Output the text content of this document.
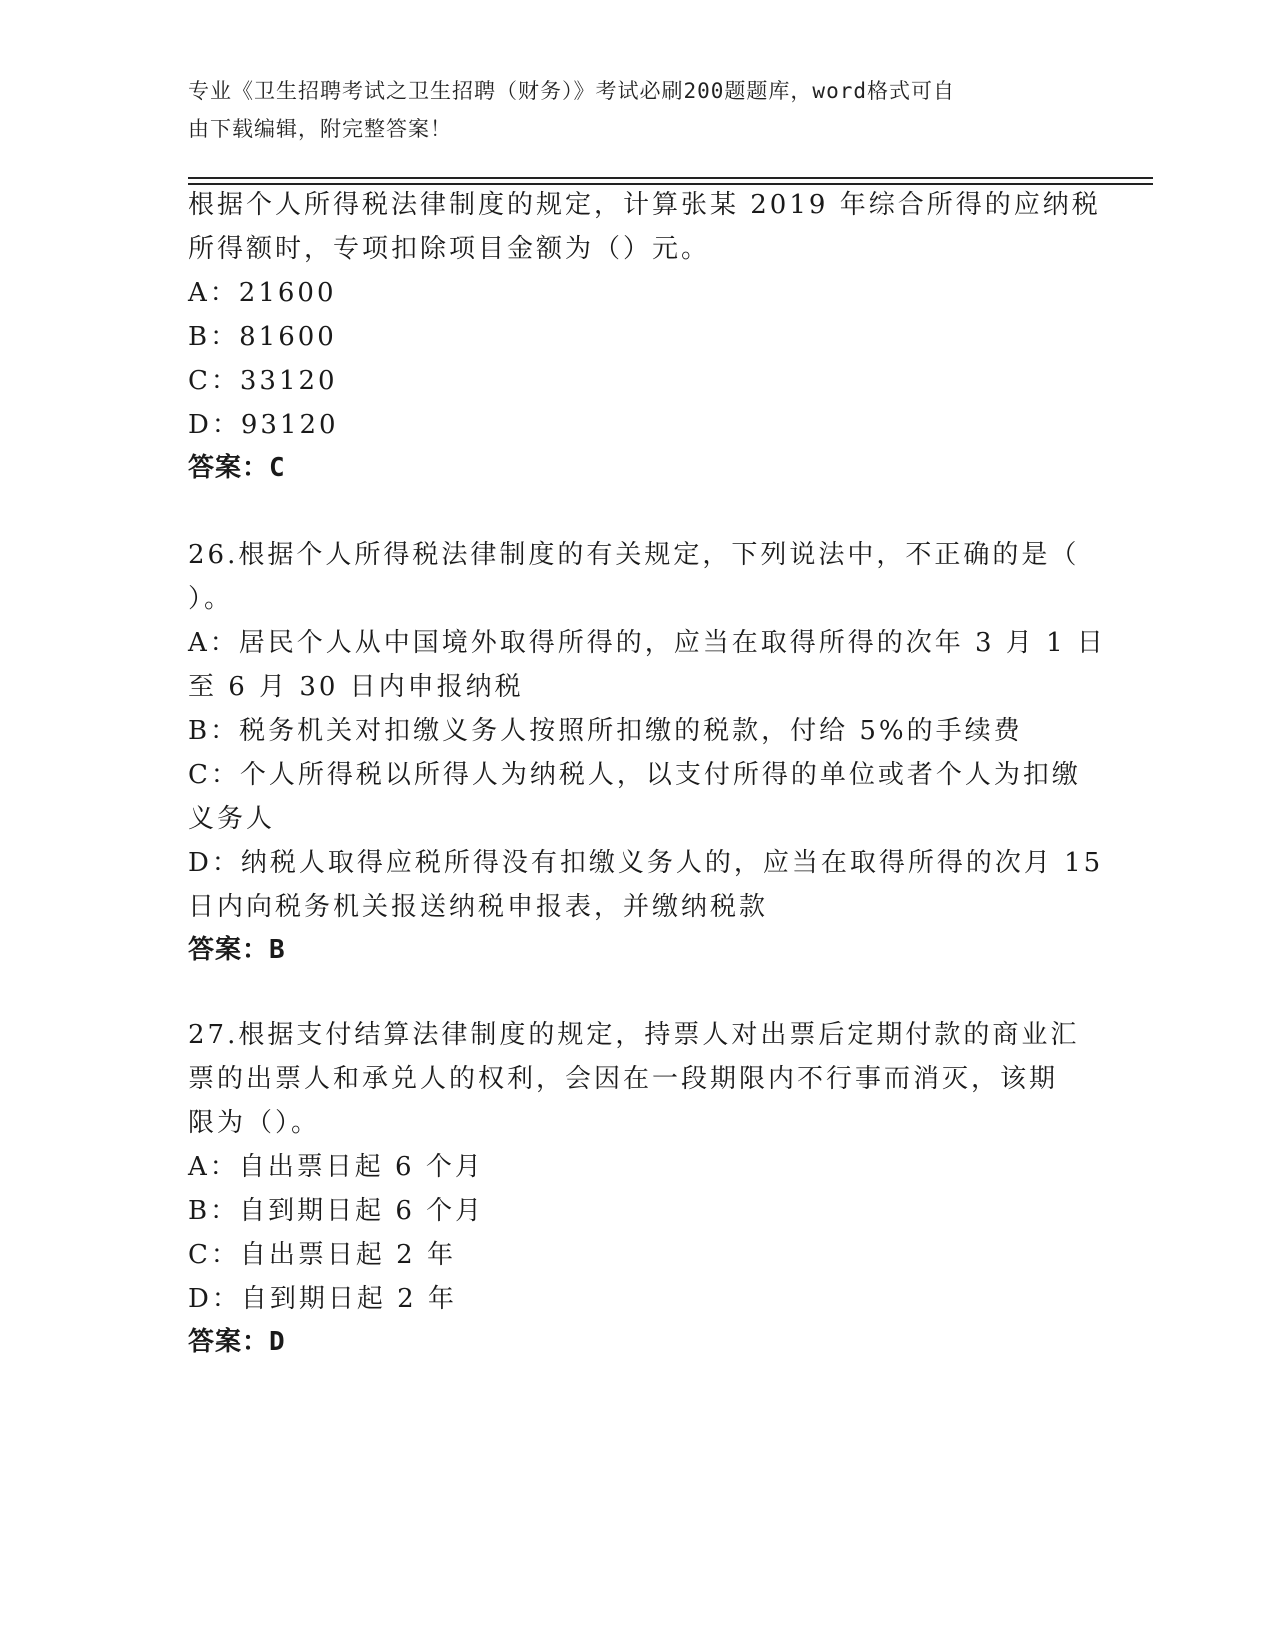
专业《卫生招聘考试之卫生招聘（财务）》考试必刷200题题库，word格式可自
由下载编辑，附完整答案！
根据个人所得税法律制度的规定，计算张某 2019 年综合所得的应纳税
所得额时，专项扣除项目金额为（）元。
A：21600
B：81600
C：33120
D：93120
答案：C
26.根据个人所得税法律制度的有关规定，下列说法中，不正确的是（
）。
A：居民个人从中国境外取得所得的，应当在取得所得的次年 3 月 1 日
至 6 月 30 日内申报纳税
B：税务机关对扣缴义务人按照所扣缴的税款，付给 5%的手续费
C：个人所得税以所得人为纳税人，以支付所得的单位或者个人为扣缴
义务人
D：纳税人取得应税所得没有扣缴义务人的，应当在取得所得的次月 15
日内向税务机关报送纳税申报表，并缴纳税款
答案：B
27.根据支付结算法律制度的规定，持票人对出票后定期付款的商业汇
票的出票人和承兑人的权利，会因在一段期限内不行事而消灭，该期
限为（）。
A：自出票日起 6 个月
B：自到期日起 6 个月
C：自出票日起 2 年
D：自到期日起 2 年
答案：D
